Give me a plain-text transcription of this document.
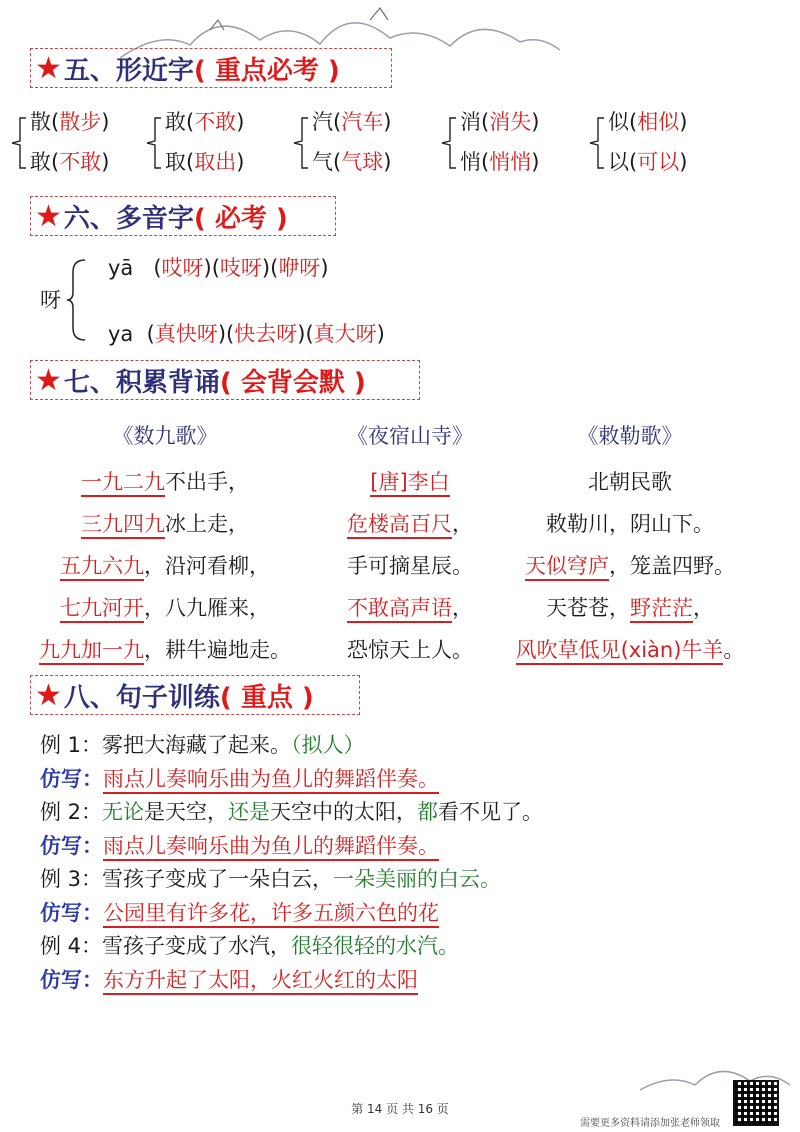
★ 五、形近字 ( 重点必考 )
散(散步)
敢(不敢)
敢(不敢)
取(取出)
汽(汽车)
气(气球)
消(消失)
悄(悄悄)
似(相似)
以(可以)
★ 六、多音字 ( 必考 )
呀
yā   (哎呀)(吱呀)(咿呀)
ya  (真快呀)(快去呀)(真大呀)
★ 七、积累背诵 ( 会背会默 )
《数九歌》
一九二九不出手，
三九四九冰上走，
五九六九，沿河看柳，
七九河开，八九雁来，
九九加一九，耕牛遍地走。
《夜宿山寺》
[唐]李白
危楼高百尺，
手可摘星辰。
不敢高声语，
恐惊天上人。
《敕勒歌》
北朝民歌
敕勒川，阴山下。
天似穹庐，笼盖四野。
天苍苍，野茫茫，
风吹草低见(xiàn)牛羊。
★ 八、句子训练 ( 重点 )
例 1：雾把大海藏了起来。（拟人）
仿写：雨点儿奏响乐曲为鱼儿的舞蹈伴奏。
例 2：无论是天空，还是天空中的太阳，都看不见了。
仿写：雨点儿奏响乐曲为鱼儿的舞蹈伴奏。
例 3：雪孩子变成了一朵白云，一朵美丽的白云。
仿写：公园里有许多花，许多五颜六色的花
例 4：雪孩子变成了水汽，很轻很轻的水汽。
仿写：东方升起了太阳，火红火红的太阳
第 14 页 共 16 页
需要更多资料请添加张老师领取
